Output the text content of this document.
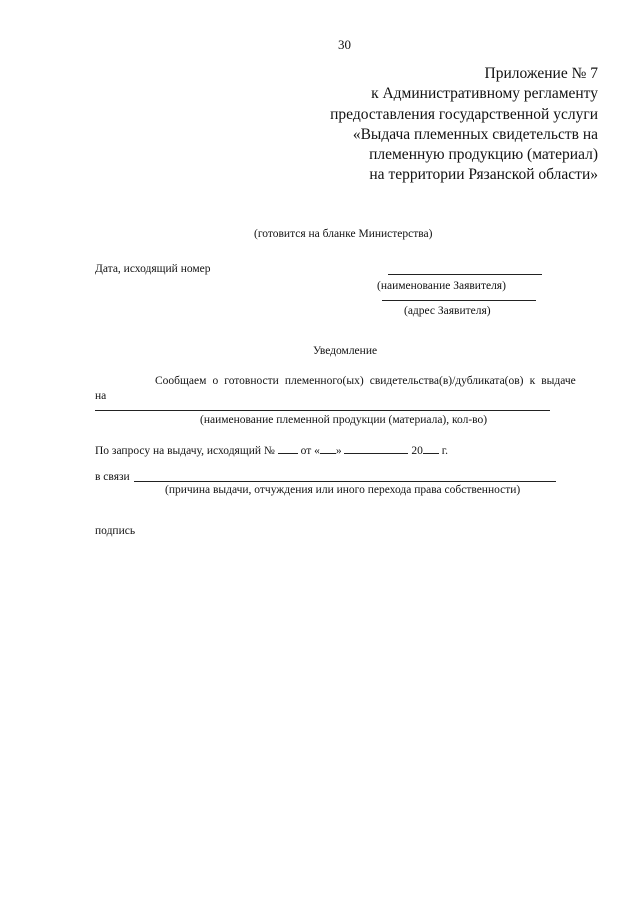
30
Приложение № 7
к Административному регламенту
предоставления государственной услуги
«Выдача племенных свидетельств на
племенную продукцию (материал)
на территории Рязанской области»
(готовится на бланке Министерства)
Дата, исходящий номер
(наименование Заявителя)
(адрес Заявителя)
Уведомление
Сообщаем о готовности племенного(ых) свидетельства(в)/дубликата(ов) к выдаче
на
(наименование племенной продукции (материала), кол-во)
По запросу на выдачу, исходящий № от « »	20 г.
в связи
(причина выдачи, отчуждения или иного перехода права собственности)
подпись
